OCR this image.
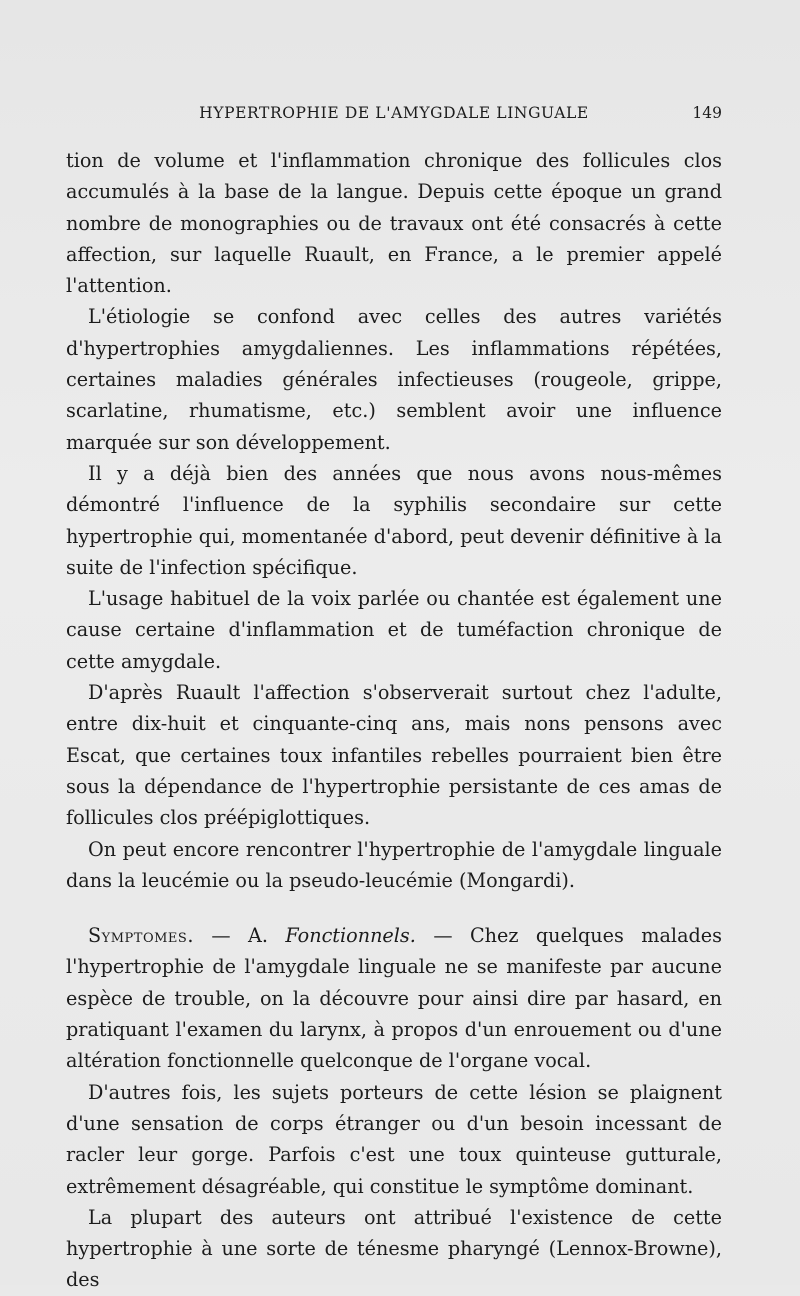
HYPERTROPHIE DE L'AMYGDALE LINGUALE	149

tion de volume et l'inflammation chronique des follicules clos accumulés à la base de la langue. Depuis cette époque un grand nombre de monographies ou de travaux ont été consacrés à cette affection, sur laquelle Ruault, en France, a le premier appelé l'attention.

L'étiologie se confond avec celles des autres variétés d'hypertrophies amygdaliennes. Les inflammations répétées, certaines maladies générales infectieuses (rougeole, grippe, scarlatine, rhumatisme, etc.) semblent avoir une influence marquée sur son développement.

Il y a déjà bien des années que nous avons nous-mêmes démontré l'influence de la syphilis secondaire sur cette hypertrophie qui, momentanée d'abord, peut devenir définitive à la suite de l'infection spécifique.

L'usage habituel de la voix parlée ou chantée est également une cause certaine d'inflammation et de tuméfaction chronique de cette amygdale.

D'après Ruault l'affection s'observerait surtout chez l'adulte, entre dix-huit et cinquante-cinq ans, mais nons pensons avec Escat, que certaines toux infantiles rebelles pourraient bien être sous la dépendance de l'hypertrophie persistante de ces amas de follicules clos préépiglottiques.

On peut encore rencontrer l'hypertrophie de l'amygdale linguale dans la leucémie ou la pseudo-leucémie (Mongardi).

Symptomes. — A. Fonctionnels. — Chez quelques malades l'hypertrophie de l'amygdale linguale ne se manifeste par aucune espèce de trouble, on la découvre pour ainsi dire par hasard, en pratiquant l'examen du larynx, à propos d'un enrouement ou d'une altération fonctionnelle quelconque de l'organe vocal.

D'autres fois, les sujets porteurs de cette lésion se plaignent d'une sensation de corps étranger ou d'un besoin incessant de racler leur gorge. Parfois c'est une toux quinteuse gutturale, extrêmement désagréable, qui constitue le symptôme dominant.

La plupart des auteurs ont attribué l'existence de cette hypertrophie à une sorte de ténesme pharyngé (Lennox-Browne), des
